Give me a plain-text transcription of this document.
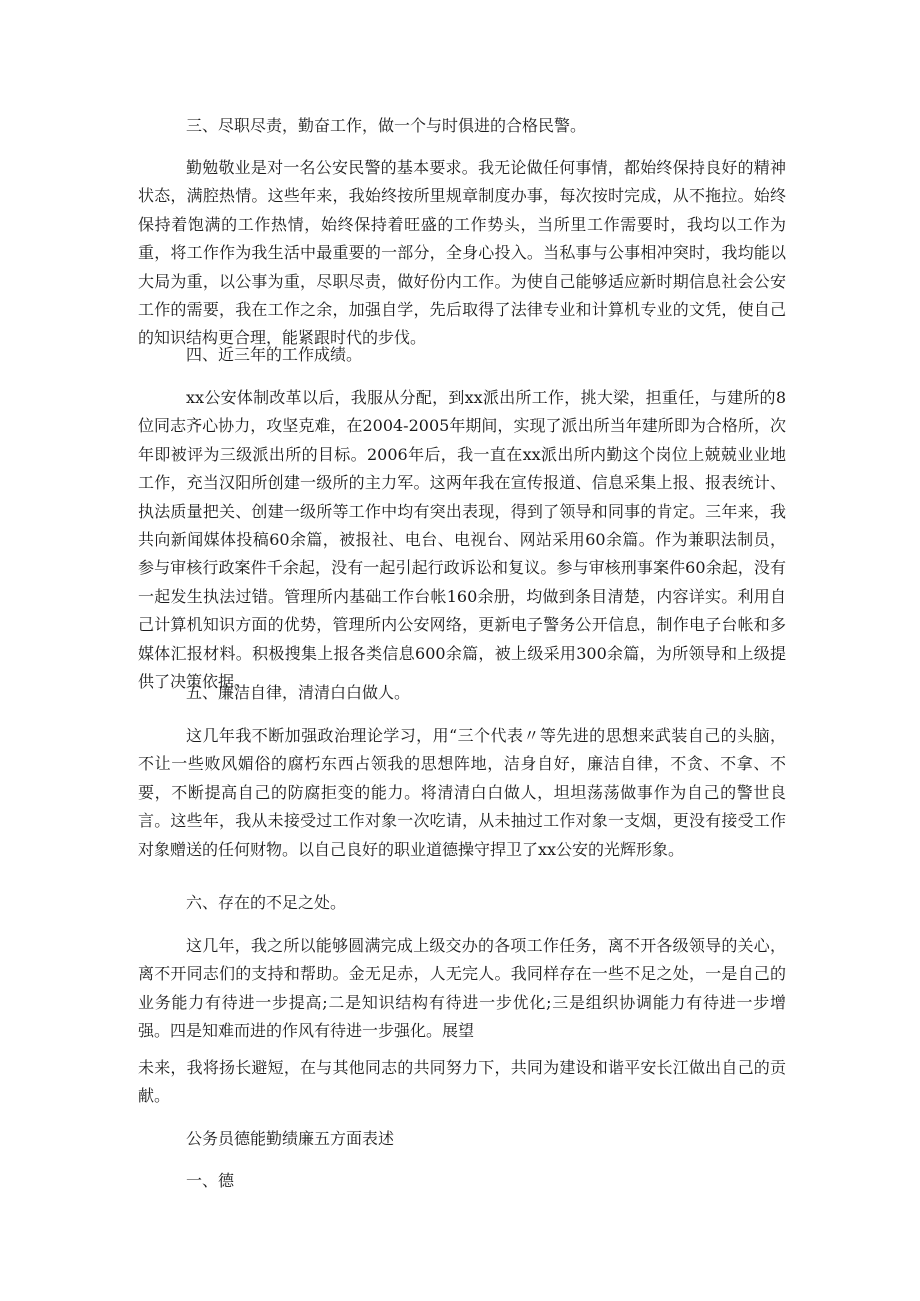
三、尽职尽责，勤奋工作，做一个与时俱进的合格民警。

勤勉敬业是对一名公安民警的基本要求。我无论做任何事情，都始终保持良好的精神状态，满腔热情。这些年来，我始终按所里规章制度办事，每次按时完成，从不拖拉。始终保持着饱满的工作热情，始终保持着旺盛的工作势头，当所里工作需要时，我均以工作为重，将工作作为我生活中最重要的一部分，全身心投入。当私事与公事相冲突时，我均能以大局为重，以公事为重，尽职尽责，做好份内工作。为使自己能够适应新时期信息社会公安工作的需要，我在工作之余，加强自学，先后取得了法律专业和计算机专业的文凭，使自己的知识结构更合理，能紧跟时代的步伐。

四、近三年的工作成绩。

xx公安体制改革以后，我服从分配，到xx派出所工作，挑大梁，担重任，与建所的8位同志齐心协力，攻坚克难，在2004-2005年期间，实现了派出所当年建所即为合格所，次年即被评为三级派出所的目标。2006年后，我一直在xx派出所内勤这个岗位上兢兢业业地工作，充当汉阳所创建一级所的主力军。这两年我在宣传报道、信息采集上报、报表统计、执法质量把关、创建一级所等工作中均有突出表现，得到了领导和同事的肯定。三年来，我共向新闻媒体投稿60余篇，被报社、电台、电视台、网站采用60余篇。作为兼职法制员，参与审核行政案件千余起，没有一起引起行政诉讼和复议。参与审核刑事案件60余起，没有一起发生执法过错。管理所内基础工作台帐160余册，均做到条目清楚，内容详实。利用自己计算机知识方面的优势，管理所内公安网络，更新电子警务公开信息，制作电子台帐和多媒体汇报材料。积极搜集上报各类信息600余篇，被上级采用300余篇，为所领导和上级提供了决策依据。

五、廉洁自律，清清白白做人。

这几年我不断加强政治理论学习，用“三个代表〃等先进的思想来武装自己的头脑，不让一些败风媚俗的腐朽东西占领我的思想阵地，洁身自好，廉洁自律，不贪、不拿、不要，不断提高自己的防腐拒变的能力。将清清白白做人，坦坦荡荡做事作为自己的警世良言。这些年，我从未接受过工作对象一次吃请，从未抽过工作对象一支烟，更没有接受工作对象赠送的任何财物。以自己良好的职业道德操守捍卫了xx公安的光辉形象。

六、存在的不足之处。

这几年，我之所以能够圆满完成上级交办的各项工作任务，离不开各级领导的关心，离不开同志们的支持和帮助。金无足赤，人无完人。我同样存在一些不足之处，一是自己的业务能力有待进一步提高;二是知识结构有待进一步优化;三是组织协调能力有待进一步增强。四是知难而进的作风有待进一步强化。展望

未来，我将扬长避短，在与其他同志的共同努力下，共同为建设和谐平安长江做出自己的贡献。

公务员德能勤绩廉五方面表述

一、德
